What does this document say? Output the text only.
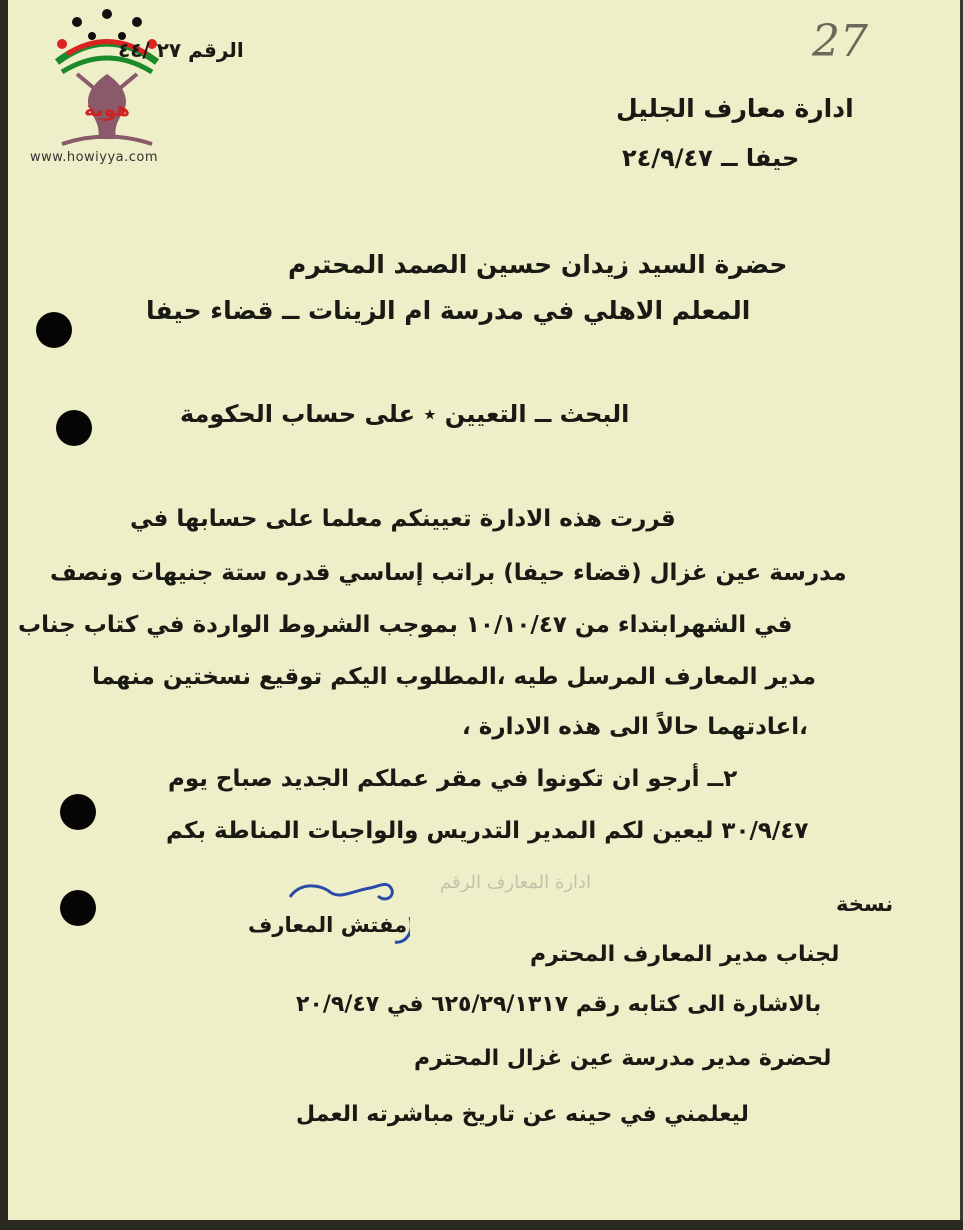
هوية
www.howiyya.com
27
الرقم ٢٧ /٤٤
ادارة معارف الجليل
حيفا ــ ٢٤/٩/٤٧
حضرة السيد زيدان حسين الصمد المحترم
المعلم الاهلي في مدرسة ام الزينات ــ قضاء حيفا
البحث ــ التعيين ٭ على حساب الحكومة
قررت هذه الادارة تعيينكم معلما على حسابها في
مدرسة عين غزال (قضاء حيفا) براتب إساسي قدره ستة جنيهات ونصف
في الشهرابتداء من ١٠/١٠/٤٧ بموجب الشروط الواردة في كتاب جناب
مدير المعارف المرسل طيه ،المطلوب اليكم توقيع نسختين منهما
،اعادتهما حالاً الى هذه الادارة ،
٢ــ أرجو ان تكونوا في مقر عملكم الجديد صباح يوم
٣٠/٩/٤٧ ليعين لكم المدير التدريس والواجبات المناطة بكم
ادارة المعارف الرقم
مفتش المعارف
نسخة
لجناب مدير المعارف المحترم
بالاشارة الى كتابه رقم ٦٢٥/٢٩/١٣١٧ في ٢٠/٩/٤٧
لحضرة مدير مدرسة عين غزال المحترم
ليعلمني في حينه عن تاريخ مباشرته العمل
